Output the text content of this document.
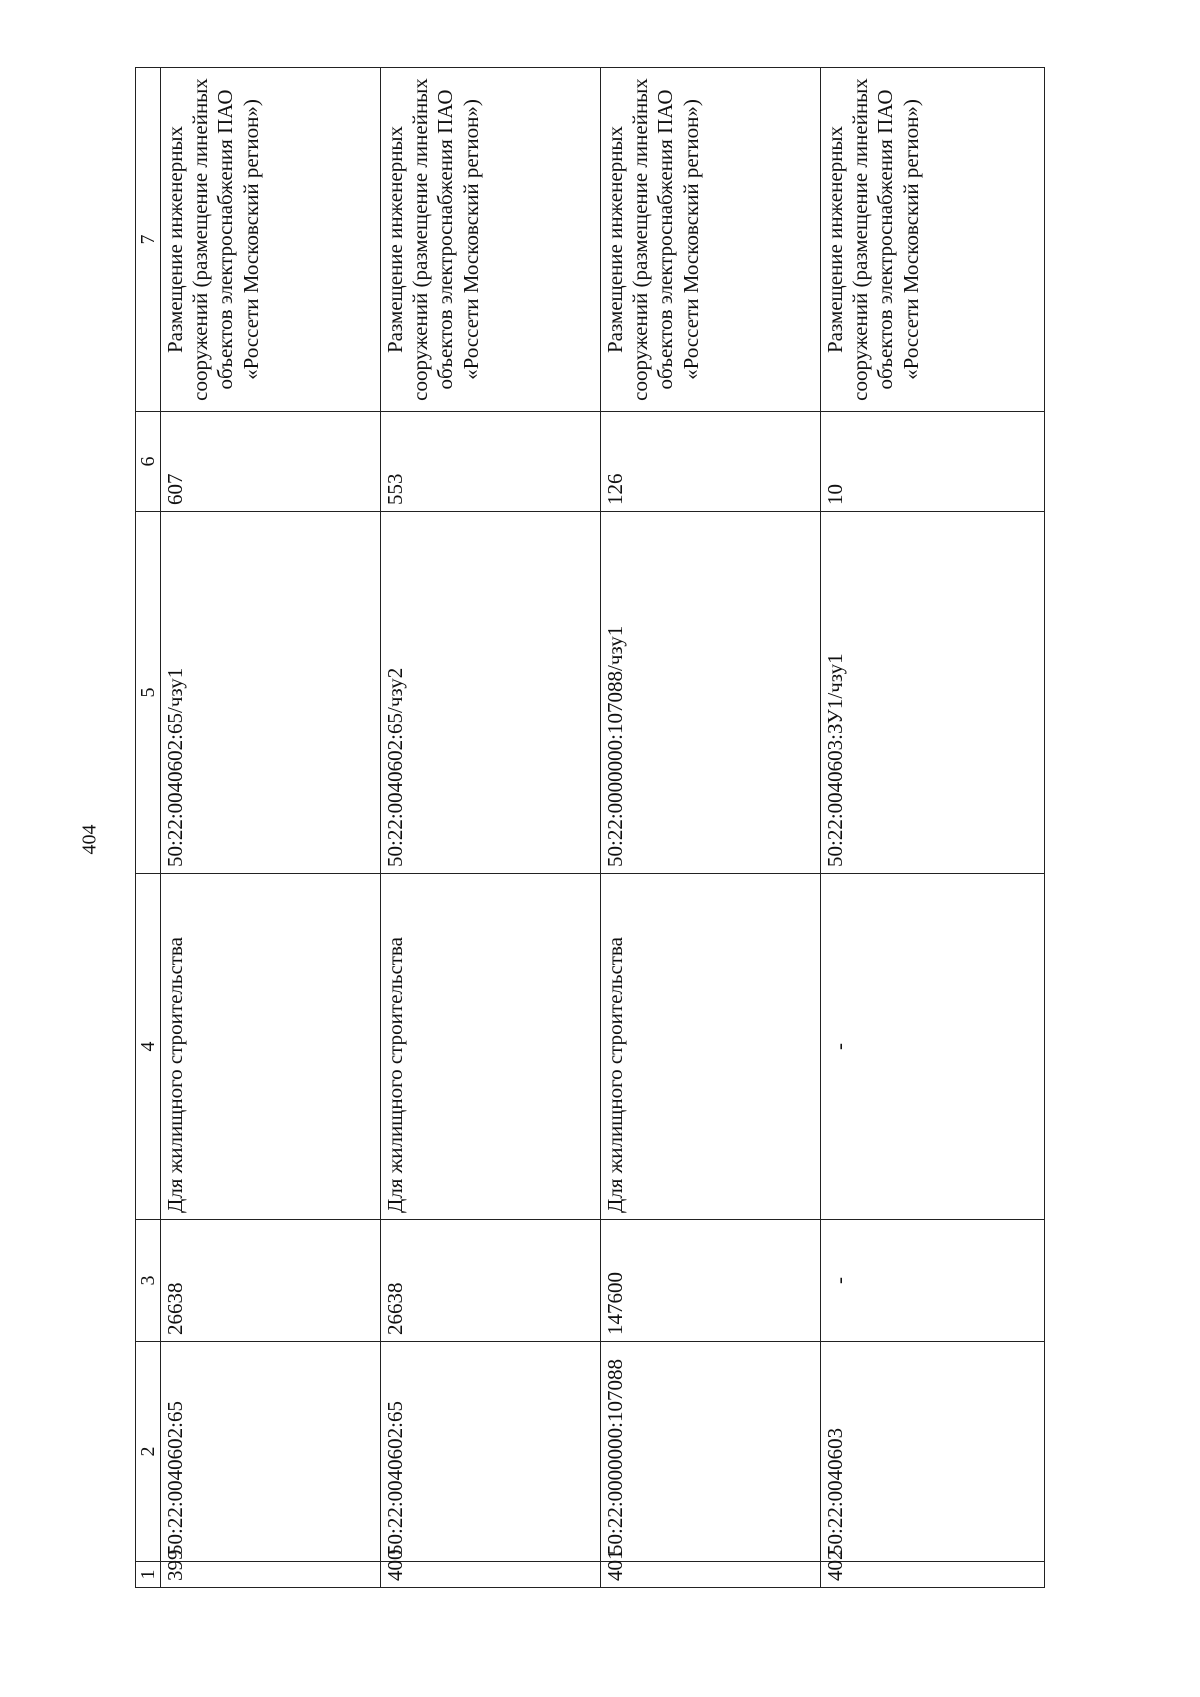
404
1	2	3	4	5	6	7
399	50:22:0040602:65	26638	Для жилищного строительства	50:22:0040602:65/чзу1	607	Размещение инженерных сооружений (размещение линейных объектов электроснабжения ПАО «Россети Московский регион»)
400	50:22:0040602:65	26638	Для жилищного строительства	50:22:0040602:65/чзу2	553	Размещение инженерных сооружений (размещение линейных объектов электроснабжения ПАО «Россети Московский регион»)
401	50:22:0000000:107088	147600	Для жилищного строительства	50:22:0000000:107088/чзу1	126	Размещение инженерных сооружений (размещение линейных объектов электроснабжения ПАО «Россети Московский регион»)
402	50:22:0040603	-	-	50:22:0040603:ЗУ1/чзу1	10	Размещение инженерных сооружений (размещение линейных объектов электроснабжения ПАО «Россети Московский регион»)
